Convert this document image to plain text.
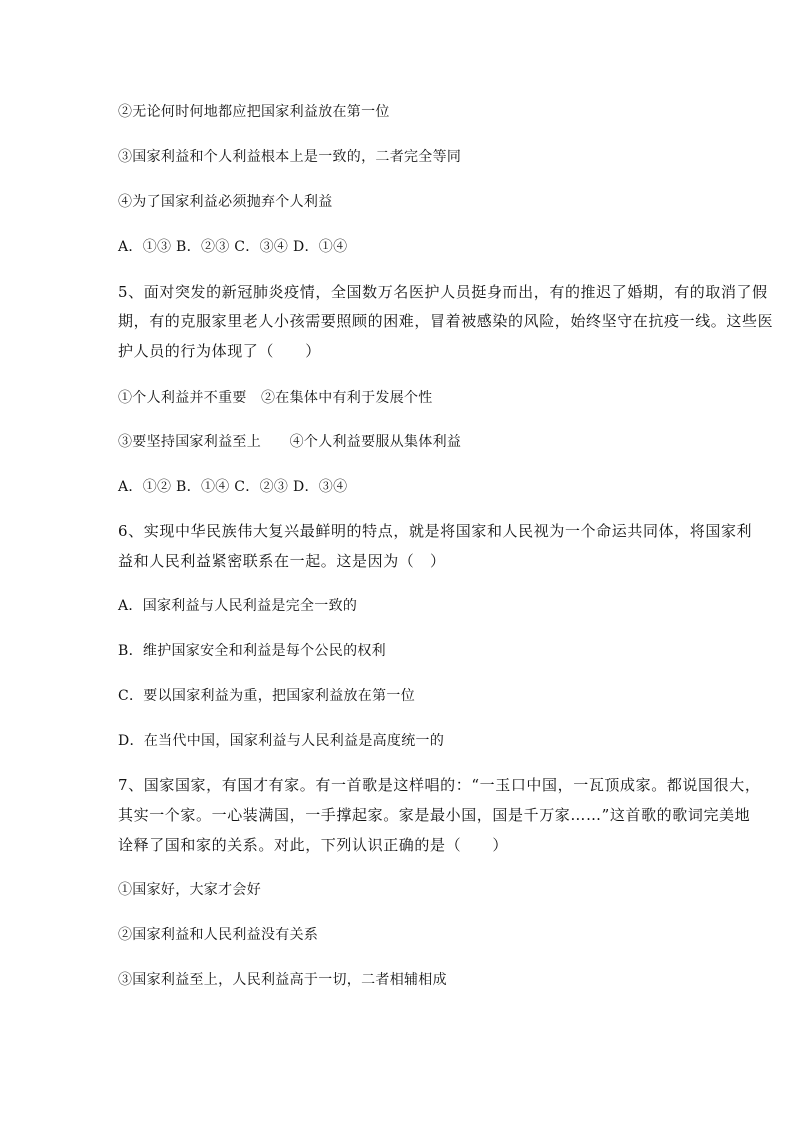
②无论何时何地都应把国家利益放在第一位
③国家利益和个人利益根本上是一致的，二者完全等同
④为了国家利益必须抛弃个人利益
A．①③ B．②③ C．③④ D．①④
5、面对突发的新冠肺炎疫情，全国数万名医护人员挺身而出，有的推迟了婚期，有的取消了假
期，有的克服家里老人小孩需要照顾的困难，冒着被感染的风险，始终坚守在抗疫一线。这些医
护人员的行为体现了（　　）
①个人利益并不重要　②在集体中有利于发展个性
③要坚持国家利益至上　　④个人利益要服从集体利益
A．①② B．①④ C．②③ D．③④
6、实现中华民族伟大复兴最鲜明的特点，就是将国家和人民视为一个命运共同体，将国家利
益和人民利益紧密联系在一起。这是因为（　）
A．国家利益与人民利益是完全一致的
B．维护国家安全和利益是每个公民的权利
C．要以国家利益为重，把国家利益放在第一位
D．在当代中国，国家利益与人民利益是高度统一的
7、国家国家，有国才有家。有一首歌是这样唱的：“一玉口中国，一瓦顶成家。都说国很大，
其实一个家。一心装满国，一手撑起家。家是最小国，国是千万家……”这首歌的歌词完美地
诠释了国和家的关系。对此，下列认识正确的是（　　）
①国家好，大家才会好
②国家利益和人民利益没有关系
③国家利益至上，人民利益高于一切，二者相辅相成
